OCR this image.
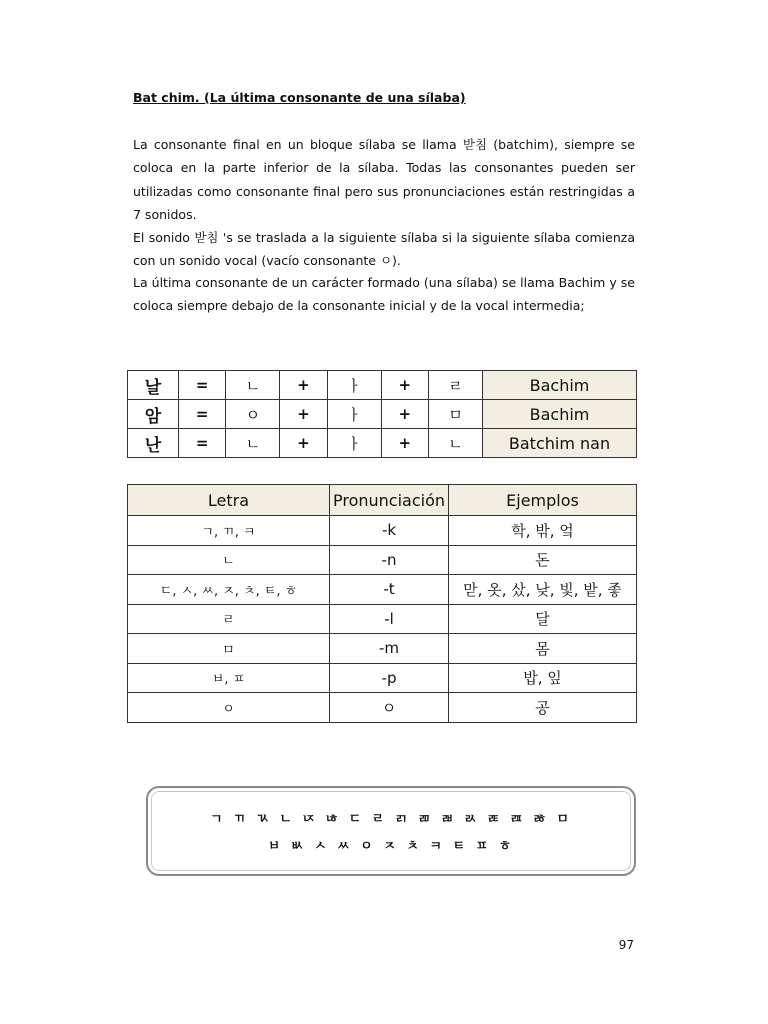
Bat chim. (La última consonante de una sílaba)

La consonante final en un bloque sílaba se llama 받침 (batchim), siempre se coloca en la parte inferior de la sílaba. Todas las consonantes pueden ser utilizadas como consonante final pero sus pronunciaciones están restringidas a 7 sonidos.

El sonido 받침 's se traslada a la siguiente sílaba si la siguiente sílaba comienza con un sonido vocal (vacío consonante ㅇ).

La última consonante de un carácter formado (una sílaba) se llama Bachim y se coloca siempre debajo de la consonante inicial y de la vocal intermedia;

날	=	ㄴ	+	ㅏ	+	ㄹ	Bachim
암	=	ㅇ	+	ㅏ	+	ㅁ	Bachim
난	=	ㄴ	+	ㅏ	+	ㄴ	Batchim nan
Letra	Pronunciación	Ejemplos
ㄱ, ㄲ, ㅋ	-k	학, 밖, 엌
ㄴ	-n	돈
ㄷ, ㅅ, ㅆ, ㅈ, ㅊ, ㅌ, ㅎ	-t	맏, 옷, 샀, 낮, 빛, 밭, 좋
ㄹ	-l	달
ㅁ	-m	몸
ㅂ, ㅍ	-p	밥, 잎
ㅇ	ㅇ	공
ㄱ ㄲ ㄳ ㄴ ㄵ ㄶ ㄷ ㄹ ㄺ ㄻ ㄼ ㄽ ㄾ ㄿ ㅀ ㅁ
ㅂ ㅄ ㅅ ㅆ ㅇ ㅈ ㅊ ㅋ ㅌ ㅍ ㅎ
97
